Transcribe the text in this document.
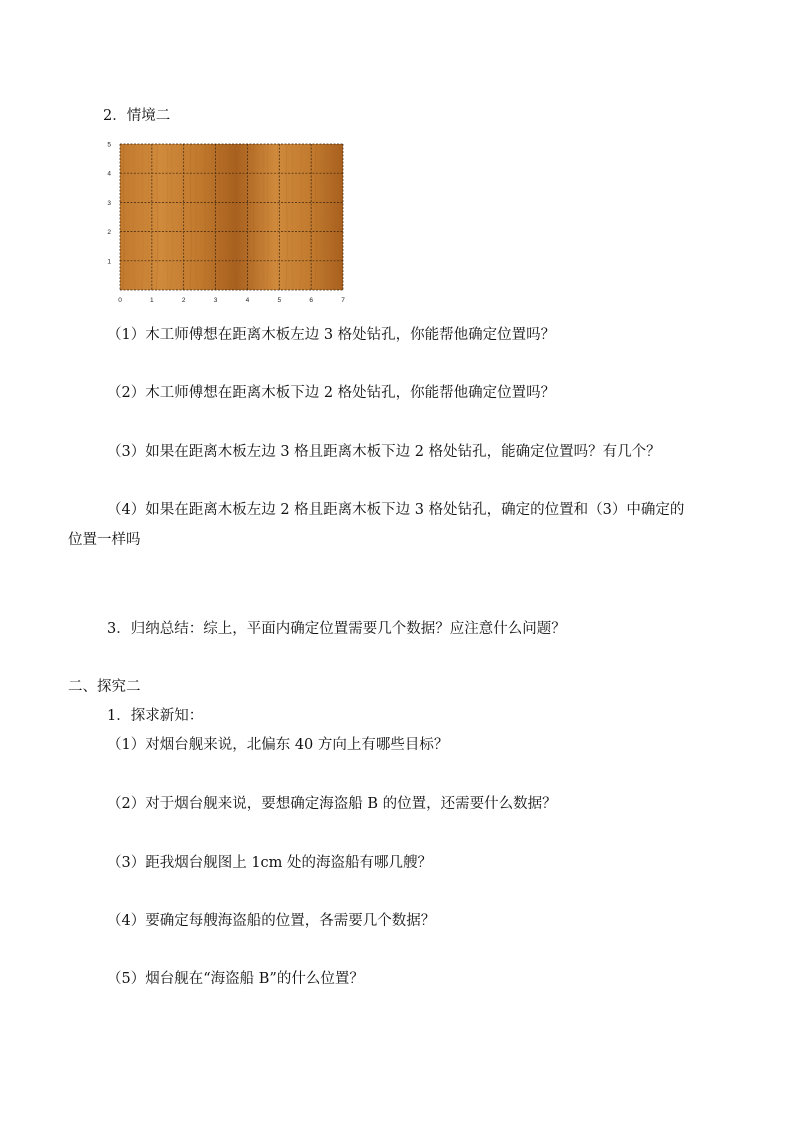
2．情境二
0	1	2	3	4	5	6	7
1
2
3
4
5
（1）木工师傅想在距离木板左边 3 格处钻孔，你能帮他确定位置吗？
（2）木工师傅想在距离木板下边 2 格处钻孔，你能帮他确定位置吗？
（3）如果在距离木板左边 3 格且距离木板下边 2 格处钻孔，能确定位置吗？有几个？
（4）如果在距离木板左边 2 格且距离木板下边 3 格处钻孔，确定的位置和（3）中确定的
位置一样吗
3．归纳总结：综上，平面内确定位置需要几个数据？应注意什么问题？
二、探究二
1．探求新知：
（1）对烟台舰来说，北偏东 40 方向上有哪些目标？
（2）对于烟台舰来说，要想确定海盗船 B 的位置，还需要什么数据？
（3）距我烟台舰图上 1cm 处的海盗船有哪几艘？
（4）要确定每艘海盗船的位置，各需要几个数据？
（5）烟台舰在“海盗船 B”的什么位置？
